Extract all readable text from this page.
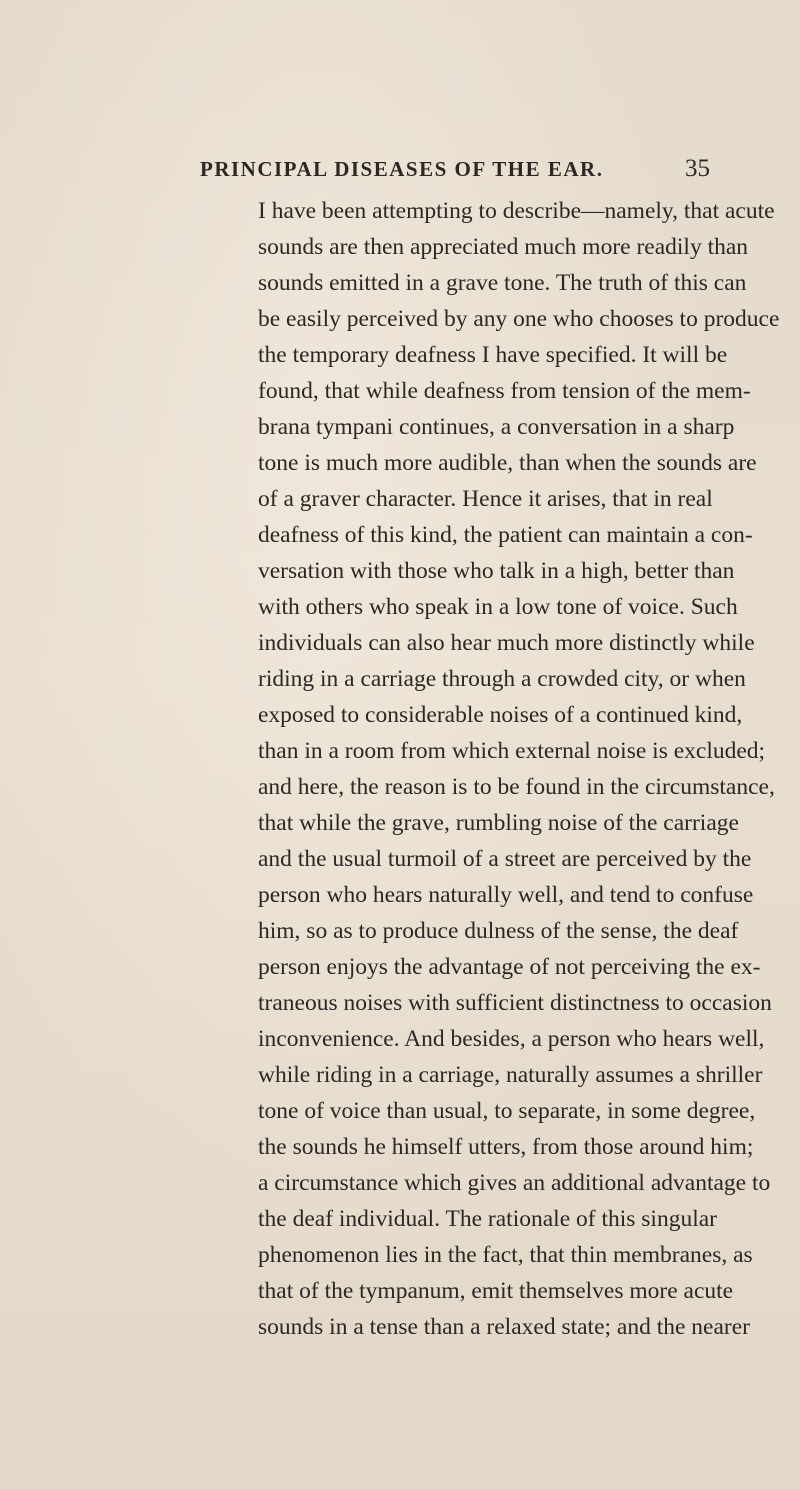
PRINCIPAL DISEASES OF THE EAR.	35
I have been attempting to describe—namely, that acute
sounds are then appreciated much more readily than
sounds emitted in a grave tone. The truth of this can
be easily perceived by any one who chooses to produce
the temporary deafness I have specified. It will be
found, that while deafness from tension of the mem-
brana tympani continues, a conversation in a sharp
tone is much more audible, than when the sounds are
of a graver character. Hence it arises, that in real
deafness of this kind, the patient can maintain a con-
versation with those who talk in a high, better than
with others who speak in a low tone of voice. Such
individuals can also hear much more distinctly while
riding in a carriage through a crowded city, or when
exposed to considerable noises of a continued kind,
than in a room from which external noise is excluded;
and here, the reason is to be found in the circumstance,
that while the grave, rumbling noise of the carriage
and the usual turmoil of a street are perceived by the
person who hears naturally well, and tend to confuse
him, so as to produce dulness of the sense, the deaf
person enjoys the advantage of not perceiving the ex-
traneous noises with sufficient distinctness to occasion
inconvenience. And besides, a person who hears well,
while riding in a carriage, naturally assumes a shriller
tone of voice than usual, to separate, in some degree,
the sounds he himself utters, from those around him;
a circumstance which gives an additional advantage to
the deaf individual. The rationale of this singular
phenomenon lies in the fact, that thin membranes, as
that of the tympanum, emit themselves more acute
sounds in a tense than a relaxed state; and the nearer
